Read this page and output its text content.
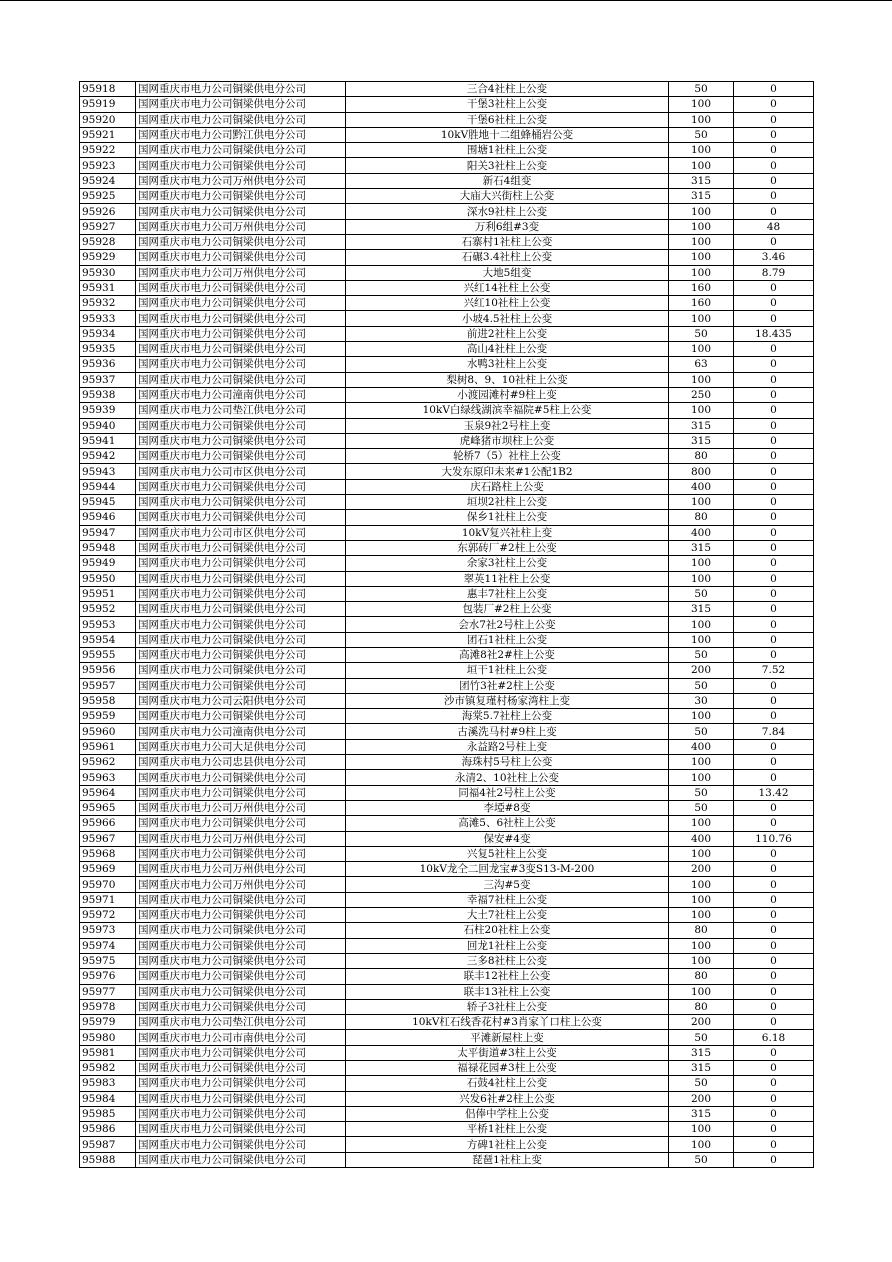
95918	国网重庆市电力公司铜梁供电分公司	三合4社柱上公变	50	0
95919	国网重庆市电力公司铜梁供电分公司	干堡3社柱上公变	100	0
95920	国网重庆市电力公司铜梁供电分公司	干堡6社柱上公变	100	0
95921	国网重庆市电力公司黔江供电分公司	10kV胜地十二组蜂桶岩公变	50	0
95922	国网重庆市电力公司铜梁供电分公司	围塘1社柱上公变	100	0
95923	国网重庆市电力公司铜梁供电分公司	阳关3社柱上公变	100	0
95924	国网重庆市电力公司万州供电分公司	新石4组变	315	0
95925	国网重庆市电力公司铜梁供电分公司	大庙大兴街柱上公变	315	0
95926	国网重庆市电力公司铜梁供电分公司	深水9社柱上公变	100	0
95927	国网重庆市电力公司万州供电分公司	万利6组#3变	100	48
95928	国网重庆市电力公司铜梁供电分公司	石寨村1社柱上公变	100	0
95929	国网重庆市电力公司铜梁供电分公司	石碾3.4社柱上公变	100	3.46
95930	国网重庆市电力公司万州供电分公司	大地5组变	100	8.79
95931	国网重庆市电力公司铜梁供电分公司	兴红14社柱上公变	160	0
95932	国网重庆市电力公司铜梁供电分公司	兴红10社柱上公变	160	0
95933	国网重庆市电力公司铜梁供电分公司	小坡4.5社柱上公变	100	0
95934	国网重庆市电力公司铜梁供电分公司	前进2社柱上公变	50	18.435
95935	国网重庆市电力公司铜梁供电分公司	高山4社柱上公变	100	0
95936	国网重庆市电力公司铜梁供电分公司	水鸭3社柱上公变	63	0
95937	国网重庆市电力公司铜梁供电分公司	梨树8、9、10社柱上公变	100	0
95938	国网重庆市电力公司潼南供电分公司	小渡园滩村#9柱上变	250	0
95939	国网重庆市电力公司垫江供电分公司	10kV白绿线湖滨幸福院#5柱上公变	100	0
95940	国网重庆市电力公司铜梁供电分公司	玉泉9社2号柱上变	315	0
95941	国网重庆市电力公司铜梁供电分公司	虎峰猪市坝柱上公变	315	0
95942	国网重庆市电力公司铜梁供电分公司	轮桥7（5）社柱上公变	80	0
95943	国网重庆市电力公司市区供电分公司	大发东原印未来#1公配1B2	800	0
95944	国网重庆市电力公司铜梁供电分公司	庆石路柱上公变	400	0
95945	国网重庆市电力公司铜梁供电分公司	垣坝2社柱上公变	100	0
95946	国网重庆市电力公司铜梁供电分公司	保乡1社柱上公变	80	0
95947	国网重庆市电力公司市区供电分公司	10kV复兴社柱上变	400	0
95948	国网重庆市电力公司铜梁供电分公司	东郭砖厂#2柱上公变	315	0
95949	国网重庆市电力公司铜梁供电分公司	余家3社柱上公变	100	0
95950	国网重庆市电力公司铜梁供电分公司	翠英11社柱上公变	100	0
95951	国网重庆市电力公司铜梁供电分公司	惠丰7社柱上公变	50	0
95952	国网重庆市电力公司铜梁供电分公司	包装厂#2柱上公变	315	0
95953	国网重庆市电力公司铜梁供电分公司	会水7社2号柱上公变	100	0
95954	国网重庆市电力公司铜梁供电分公司	团石1社柱上公变	100	0
95955	国网重庆市电力公司铜梁供电分公司	高滩8社2#柱上公变	50	0
95956	国网重庆市电力公司铜梁供电分公司	垣干1社柱上公变	200	7.52
95957	国网重庆市电力公司铜梁供电分公司	团竹3社#2柱上公变	50	0
95958	国网重庆市电力公司云阳供电分公司	沙市镇复瑾村杨家湾柱上变	30	0
95959	国网重庆市电力公司铜梁供电分公司	海棠5.7社柱上公变	100	0
95960	国网重庆市电力公司潼南供电分公司	古溪洗马村#9柱上变	50	7.84
95961	国网重庆市电力公司大足供电分公司	永益路2号柱上变	400	0
95962	国网重庆市电力公司忠县供电分公司	海珠村5号柱上公变	100	0
95963	国网重庆市电力公司铜梁供电分公司	永清2、10社柱上公变	100	0
95964	国网重庆市电力公司铜梁供电分公司	同福4社2号柱上公变	50	13.42
95965	国网重庆市电力公司万州供电分公司	李埡#8变	50	0
95966	国网重庆市电力公司铜梁供电分公司	高滩5、6社柱上公变	100	0
95967	国网重庆市电力公司万州供电分公司	保安#4变	400	110.76
95968	国网重庆市电力公司铜梁供电分公司	兴复5社柱上公变	100	0
95969	国网重庆市电力公司万州供电分公司	10kV龙仝二回龙宝#3变S13-M-200	200	0
95970	国网重庆市电力公司万州供电分公司	三沟#5变	100	0
95971	国网重庆市电力公司铜梁供电分公司	幸福7社柱上公变	100	0
95972	国网重庆市电力公司铜梁供电分公司	大土7社柱上公变	100	0
95973	国网重庆市电力公司铜梁供电分公司	石柱20社柱上公变	80	0
95974	国网重庆市电力公司铜梁供电分公司	回龙1社柱上公变	100	0
95975	国网重庆市电力公司铜梁供电分公司	三多8社柱上公变	100	0
95976	国网重庆市电力公司铜梁供电分公司	联丰12社柱上公变	80	0
95977	国网重庆市电力公司铜梁供电分公司	联丰13社柱上公变	100	0
95978	国网重庆市电力公司铜梁供电分公司	轿子3社柱上公变	80	0
95979	国网重庆市电力公司垫江供电分公司	10kV杠石线香花村#3肖家丫口柱上公变	200	0
95980	国网重庆市电力公司市南供电分公司	平滩新屋柱上变	50	6.18
95981	国网重庆市电力公司铜梁供电分公司	太平街道#3柱上公变	315	0
95982	国网重庆市电力公司铜梁供电分公司	福禄花园#3柱上公变	315	0
95983	国网重庆市电力公司铜梁供电分公司	石鼓4社柱上公变	50	0
95984	国网重庆市电力公司铜梁供电分公司	兴发6社#2柱上公变	200	0
95985	国网重庆市电力公司铜梁供电分公司	侣俸中学柱上公变	315	0
95986	国网重庆市电力公司铜梁供电分公司	平桥1社柱上公变	100	0
95987	国网重庆市电力公司铜梁供电分公司	方碑1社柱上公变	100	0
95988	国网重庆市电力公司铜梁供电分公司	琵琶1社柱上变	50	0
